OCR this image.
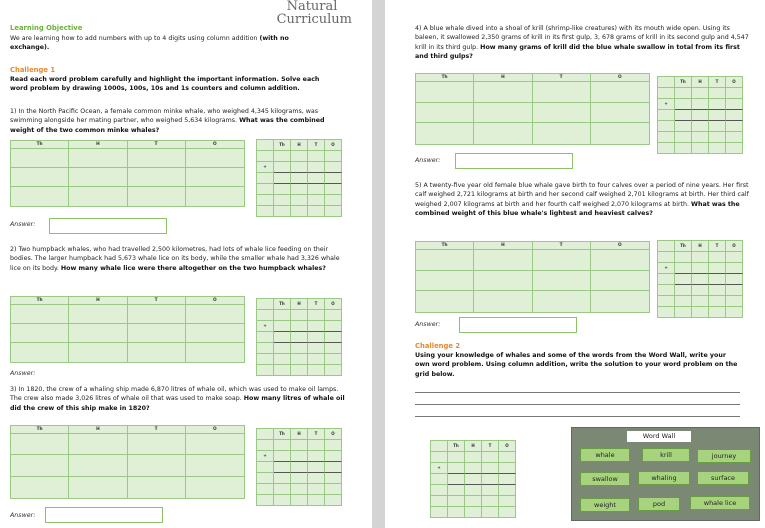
Natural
Curriculum
Learning Objective
We are learning how to add numbers with up to 4 digits using column addition (with no exchange).
Challenge 1
Read each word problem carefully and highlight the important information. Solve each word problem by drawing 1000s, 100s, 10s and 1s counters and column addition.
1) In the North Pacific Ocean, a female common minke whale, who weighed 4,345 kilograms, was swimming alongside her mating partner, who weighed 5,634 kilograms. What was the combined weight of the two common minke whales?
Th	H	T	O	Th	H	T	O
+
Answer:
2) Two humpback whales, who had travelled 2,500 kilometres, had lots of whale lice feeding on their bodies. The larger humpback had 5,673 whale lice on its body, while the smaller whale had 3,326 whale lice on its body. How many whale lice were there altogether on the two humpback whales?
Th	H	T	O
Th	H	T	O
+
Answer:
3) In 1820, the crew of a whaling ship made 6,870 litres of whale oil, which was used to make oil lamps. The crew also made 3,026 litres of whale oil that was used to make soap. How many litres of whale oil did the crew of this ship make in 1820?
Th	H	T	O
Th	H	T	O
+
Answer:
4) A blue whale dived into a shoal of krill (shrimp-like creatures) with its mouth wide open. Using its baleen, it swallowed 2,350 grams of krill in its first gulp, 3, 678 grams of krill in its second gulp and 4,547 krill in its third gulp. How many grams of krill did the blue whale swallow in total from its first and third gulps?
Th	H	T	O
Th	H	T	O
+
Answer:
5) A twenty-five year old female blue whale gave birth to four calves over a period of nine years. Her first calf weighed 2,721 kilograms at birth and her second calf weighed 2,701 kilograms at birth. Her third calf weighed 2,007 kilograms at birth and her fourth calf weighed 2,070 kilograms at birth. What was the combined weight of this blue whale's lightest and heaviest calves?
Th	H	T	O	Th	H	T	O
+
Answer:
Challenge 2
Using your knowledge of whales and some of the words from the Word Wall, write your own word problem. Using column addition, write the solution to your word problem on the grid below.
Th	H	T	O
+
Word Wall
whale	krill	journey
swallow	whaling	surface
weight	pod	whale lice
